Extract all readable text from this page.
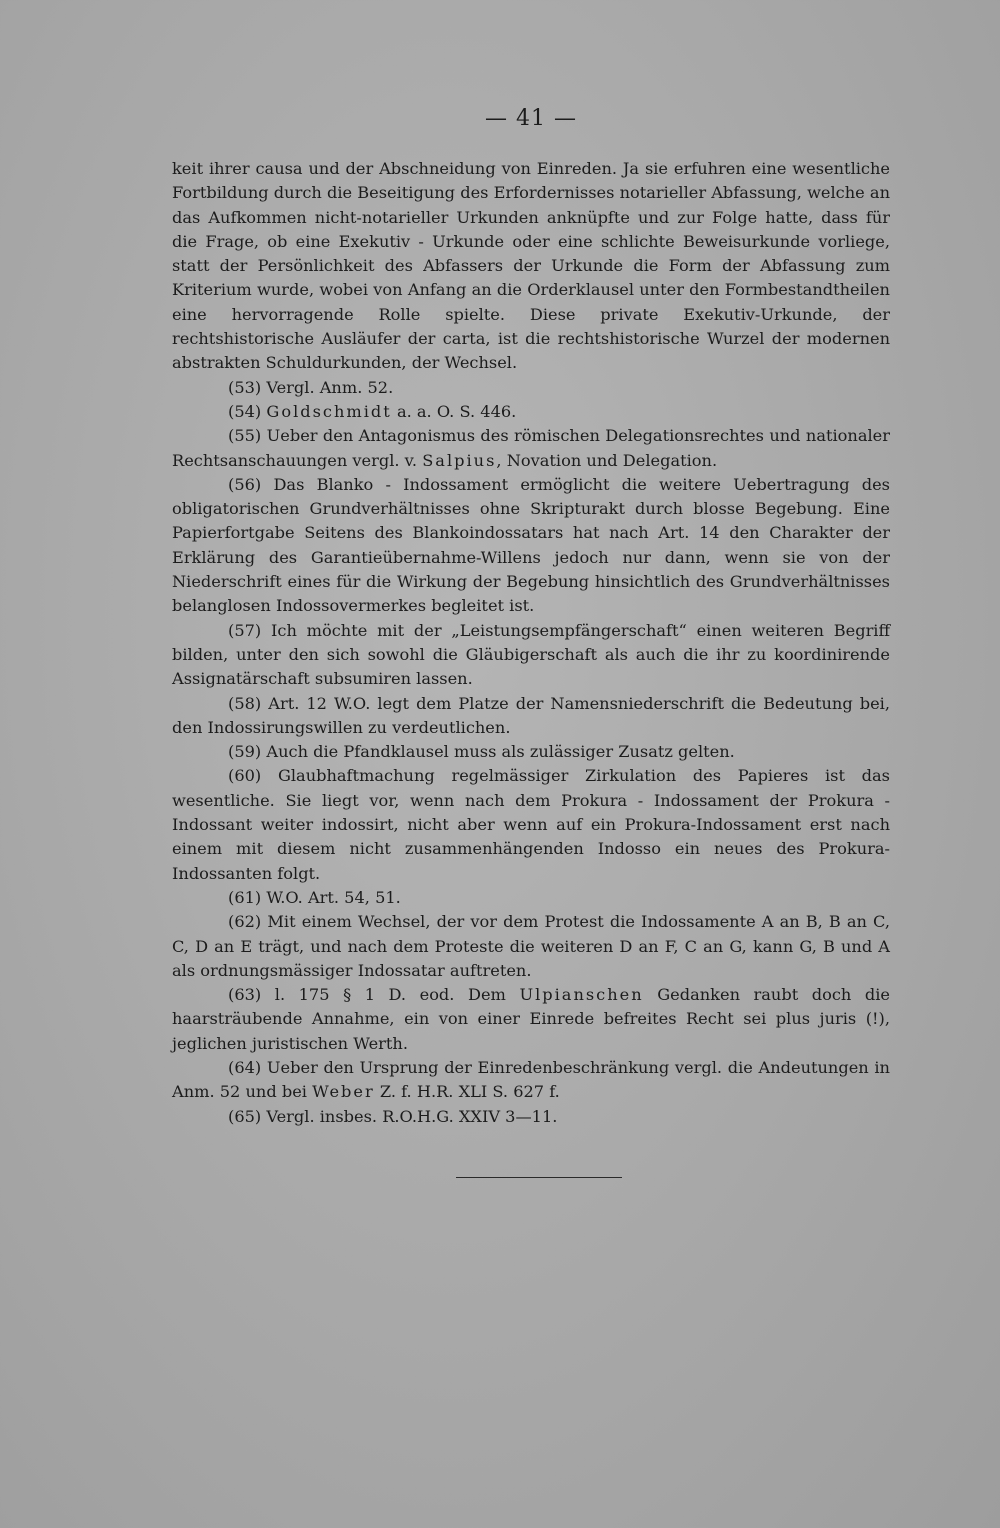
— 41 —

keit ihrer causa und der Abschneidung von Einreden. Ja sie erfuhren eine wesentliche Fortbildung durch die Beseitigung des Erfordernisses notarieller Abfassung, welche an das Aufkommen nicht-notarieller Urkunden anknüpfte und zur Folge hatte, dass für die Frage, ob eine Exekutiv - Urkunde oder eine schlichte Beweisurkunde vorliege, statt der Persönlichkeit des Abfassers der Urkunde die Form der Abfassung zum Kriterium wurde, wobei von Anfang an die Orderklausel unter den Formbestandtheilen eine hervorragende Rolle spielte. Diese private Exekutiv-Urkunde, der rechtshistorische Ausläufer der carta, ist die rechtshistorische Wurzel der modernen abstrakten Schuldurkunden, der Wechsel.

(53) Vergl. Anm. 52.

(54) Goldschmidt a. a. O. S. 446.

(55) Ueber den Antagonismus des römischen Delegationsrechtes und nationaler Rechtsanschauungen vergl. v. Salpius, Novation und Delegation.

(56) Das Blanko - Indossament ermöglicht die weitere Uebertragung des obligatorischen Grundverhältnisses ohne Skripturakt durch blosse Begebung. Eine Papierfortgabe Seitens des Blankoindossatars hat nach Art. 14 den Charakter der Erklärung des Garantieübernahme-Willens jedoch nur dann, wenn sie von der Niederschrift eines für die Wirkung der Begebung hinsichtlich des Grundverhältnisses belanglosen Indossovermerkes begleitet ist.

(57) Ich möchte mit der „Leistungsempfängerschaft“ einen weiteren Begriff bilden, unter den sich sowohl die Gläubigerschaft als auch die ihr zu koordinirende Assignatärschaft subsumiren lassen.

(58) Art. 12 W.O. legt dem Platze der Namensniederschrift die Bedeutung bei, den Indossirungswillen zu verdeutlichen.

(59) Auch die Pfandklausel muss als zulässiger Zusatz gelten.

(60) Glaubhaftmachung regelmässiger Zirkulation des Papieres ist das wesentliche. Sie liegt vor, wenn nach dem Prokura - Indossament der Prokura - Indossant weiter indossirt, nicht aber wenn auf ein Prokura-Indossament erst nach einem mit diesem nicht zusammenhängenden Indosso ein neues des Prokura-Indossanten folgt.

(61) W.O. Art. 54, 51.

(62) Mit einem Wechsel, der vor dem Protest die Indossamente A an B, B an C, C, D an E trägt, und nach dem Proteste die weiteren D an F, C an G, kann G, B und A als ordnungsmässiger Indossatar auftreten.

(63) l. 175 § 1 D. eod. Dem Ulpianschen Gedanken raubt doch die haarsträubende Annahme, ein von einer Einrede befreites Recht sei plus juris (!), jeglichen juristischen Werth.

(64) Ueber den Ursprung der Einredenbeschränkung vergl. die Andeutungen in Anm. 52 und bei Weber Z. f. H.R. XLI S. 627 f.

(65) Vergl. insbes. R.O.H.G. XXIV 3—11.
